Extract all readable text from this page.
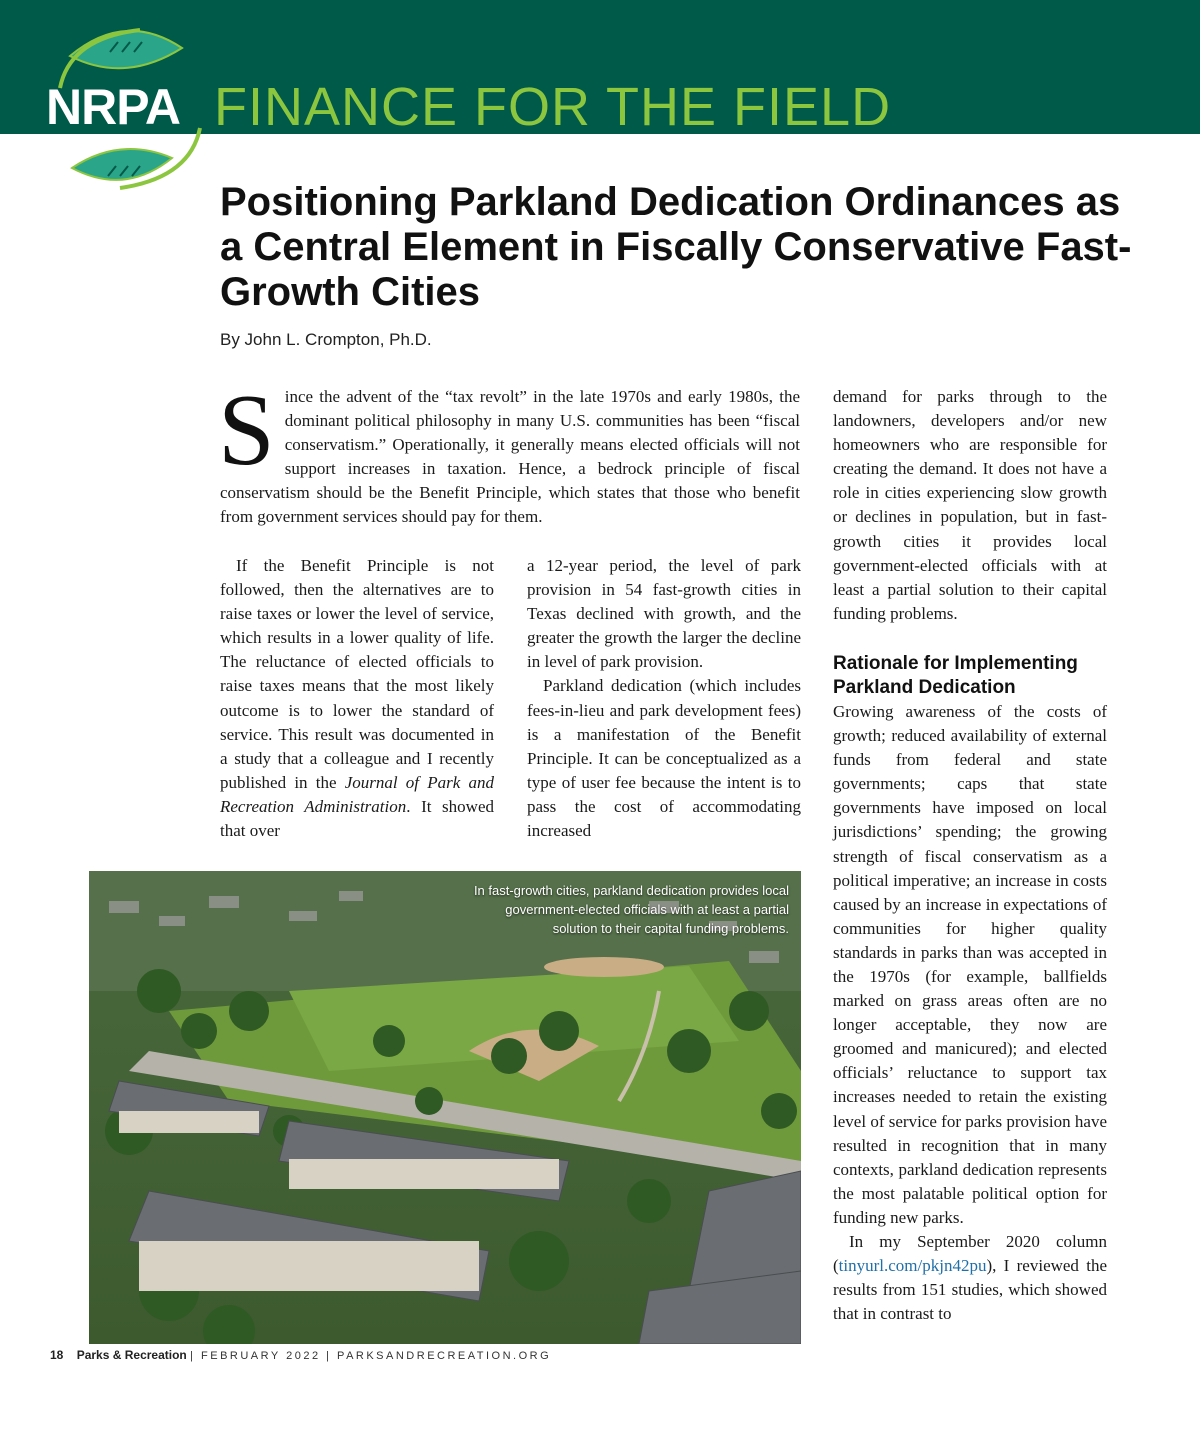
NRPA FINANCE FOR THE FIELD
Positioning Parkland Dedication Ordinances as a Central Element in Fiscally Conservative Fast-Growth Cities
By John L. Crompton, Ph.D.
Since the advent of the “tax revolt” in the late 1970s and early 1980s, the dominant political philosophy in many U.S. communities has been “fiscal conservatism.” Operationally, it generally means elected officials will not support increases in taxation. Hence, a bedrock principle of fiscal conservatism should be the Benefit Principle, which states that those who benefit from government services should pay for them.

If the Benefit Principle is not followed, then the alternatives are to raise taxes or lower the level of service, which results in a lower quality of life. The reluctance of elected officials to raise taxes means that the most likely outcome is to lower the standard of service. This result was documented in a study that a colleague and I recently published in the Journal of Park and Recreation Administration. It showed that over

a 12-year period, the level of park provision in 54 fast-growth cities in Texas declined with growth, and the greater the growth the larger the decline in level of park provision.

Parkland dedication (which includes fees-in-lieu and park development fees) is a manifestation of the Benefit Principle. It can be conceptualized as a type of user fee because the intent is to pass the cost of accommodating increased

demand for parks through to the landowners, developers and/or new homeowners who are responsible for creating the demand. It does not have a role in cities experiencing slow growth or declines in population, but in fast-growth cities it provides local government-elected officials with at least a partial solution to their capital funding problems.

Rationale for Implementing Parkland Dedication

Growing awareness of the costs of growth; reduced availability of external funds from federal and state governments; caps that state governments have imposed on local jurisdictions’ spending; the growing strength of fiscal conservatism as a political imperative; an increase in costs caused by an increase in expectations of communities for higher quality standards in parks than was accepted in the 1970s (for example, ballfields marked on grass areas often are no longer acceptable, they now are groomed and manicured); and elected officials’ reluctance to support tax increases needed to retain the existing level of service for parks provision have resulted in recognition that in many contexts, parkland dedication represents the most palatable political option for funding new parks.

In my September 2020 column (tinyurl.com/pkjn42pu), I reviewed the results from 151 studies, which showed that in contrast to

In fast-growth cities, parkland dedication provides local government-elected officials with at least a partial solution to their capital funding problems.
18 Parks & Recreation | FEBRUARY 2022 | PARKSANDRECREATION.ORG
